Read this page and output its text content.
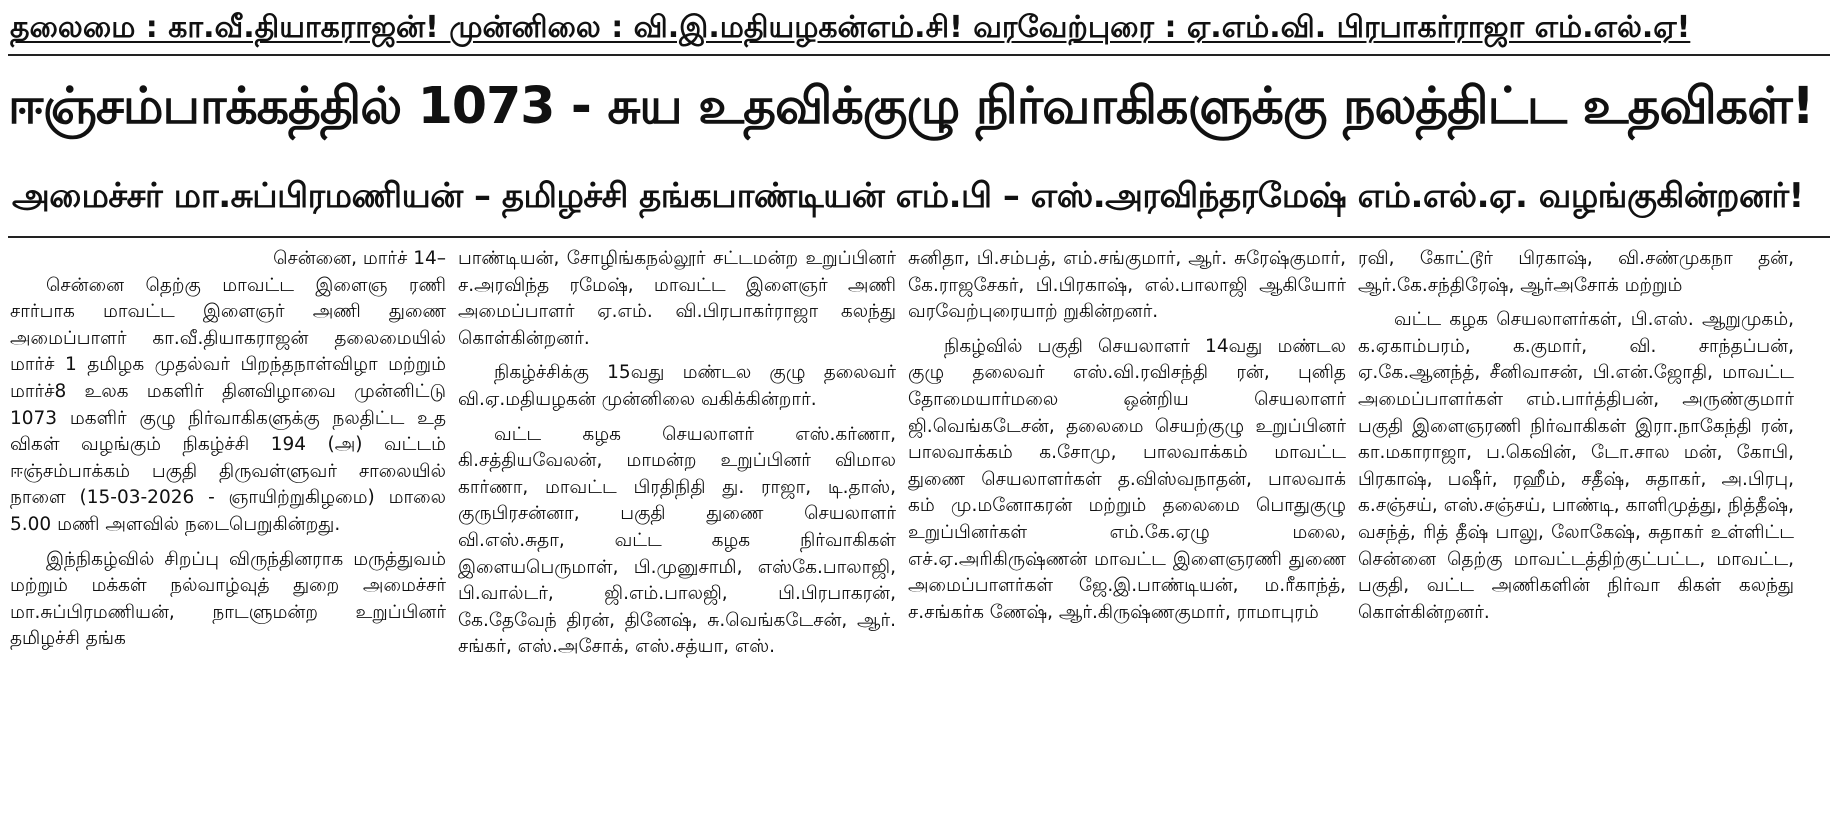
தலைமை : கா.வீ.தியாகராஜன்! முன்னிலை : வி.இ.மதியழகன்எம்.சி! வரவேற்புரை : ஏ.எம்.வி. பிரபாகர்ராஜா எம்.எல்.ஏ!
ஈஞ்சம்பாக்கத்தில் 1073 - சுய உதவிக்குழு நிர்வாகிகளுக்கு நலத்திட்ட உதவிகள்!
அமைச்சர் மா.சுப்பிரமணியன் – தமிழச்சி தங்கபாண்டியன் எம்.பி – எஸ்.அரவிந்தரமேஷ் எம்.எல்.ஏ. வழங்குகின்றனர்!

சென்னை, மார்ச் 14–

சென்னை தெற்கு மாவட்ட இளைஞ ரணி சார்பாக மாவட்ட இளைஞர் அணி துணை அமைப்பாளர் கா.வீ.தியாகராஜன் தலைமையில் மார்ச் 1 தமிழக முதல்வர் பிறந்தநாள்விழா மற்றும் மார்ச்8 உலக மகளிர் தினவிழாவை முன்னிட்டு 1073 மகளிர் குழு நிர்வாகிகளுக்கு நலதிட்ட உத விகள் வழங்கும் நிகழ்ச்சி 194 (அ) வட்டம் ஈஞ்சம்பாக்கம் பகுதி திருவள்ளுவர் சாலையில் நாளை (15-03-2026 - ஞாயிற்றுகிழமை) மாலை 5.00 மணி அளவில் நடைபெறுகின்றது.

இந்நிகழ்வில் சிறப்பு விருந்தினராக மருத்துவம் மற்றும் மக்கள் நல்வாழ்வுத் துறை அமைச்சர் மா.சுப்பிரமணியன், நாடளுமன்ற உறுப்பினர் தமிழச்சி தங்க

பாண்டியன், சோழிங்கநல்லூர் சட்டமன்ற உறுப்பினர் ச.அரவிந்த ரமேஷ், மாவட்ட இளைஞர் அணி அமைப்பாளர் ஏ.எம். வி.பிரபாகர்ராஜா கலந்து கொள்கின்றனர்.

நிகழ்ச்சிக்கு 15வது மண்டல குழு தலைவர் வி.ஏ.மதியழகன் முன்னிலை வகிக்கின்றார்.

வட்ட கழக செயலாளர் எஸ்.கர்ணா, கி.சத்தியவேலன், மாமன்ற உறுப்பினர் விமால கார்ணா, மாவட்ட பிரதிநிதி து. ராஜா, டி.தாஸ், குருபிரசன்னா, பகுதி துணை செயலாளர் வி.எஸ்.சுதா, வட்ட கழக நிர்வாகிகள் இளையபெருமாள், பி.முனுசாமி, எஸ்கே.பாலாஜி, பி.வால்டர், ஜி.எம்.பாலஜி, பி.பிரபாகரன், கே.தேவேந் திரன், தினேஷ், சு.வெங்கடேசன், ஆர். சங்கர், எஸ்.அசோக், எஸ்.சத்யா, எஸ்.

சுனிதா, பி.சம்பத், எம்.சங்குமார், ஆர். சுரேஷ்குமார், கே.ராஜசேகர், பி.பிரகாஷ், எல்.பாலாஜி ஆகியோர் வரவேற்புரையாற் றுகின்றனர்.

நிகழ்வில் பகுதி செயலாளர் 14வது மண்டல குழு தலைவர் எஸ்.வி.ரவிசந்தி ரன், புனித தோமையார்மலை ஒன்றிய செயலாளர் ஜி.வெங்கடேசன், தலைமை செயற்குழு உறுப்பினர் பாலவாக்கம் க.சோமு, பாலவாக்கம் மாவட்ட துணை செயலாளர்கள் த.விஸ்வநாதன், பாலவாக் கம் மு.மனோகரன் மற்றும் தலைமை பொதுகுழு உறுப்பினர்கள் எம்.கே.ஏழு மலை, எச்.ஏ.அரிகிருஷ்ணன் மாவட்ட இளைஞரணி துணை அமைப்பாளர்கள் ஜே.இ.பாண்டியன், ம.ரீகாந்த், ச.சங்கர்க ணேஷ், ஆர்.கிருஷ்ணகுமார், ராமாபுரம்

ரவி, கோட்டூர் பிரகாஷ், வி.சண்முகநா தன், ஆர்.கே.சந்திரேஷ், ஆர்அசோக் மற்றும்

வட்ட கழக செயலாளர்கள், பி.எஸ். ஆறுமுகம், க.ஏகாம்பரம், க.குமார், வி. சாந்தப்பன், ஏ.கே.ஆனந்த், சீனிவாசன், பி.என்.ஜோதி, மாவட்ட அமைப்பாளர்கள் எம்.பார்த்திபன், அருண்குமார் பகுதி இளைஞரணி நிர்வாகிகள் இரா.நாகேந்தி ரன், கா.மகாராஜா, ப.கெவின், டோ.சால மன், கோபி, பிரகாஷ், பஷீர், ரஹீம், சதீஷ், சுதாகர், அ.பிரபு, க.சஞ்சய், எஸ்.சஞ்சய், பாண்டி, காளிமுத்து, நித்தீஷ், வசந்த், ரித் தீஷ் பாலு, லோகேஷ், சுதாகர் உள்ளிட்ட சென்னை தெற்கு மாவட்டத்திற்குட்பட்ட, மாவட்ட, பகுதி, வட்ட அணிகளின் நிர்வா கிகள் கலந்து கொள்கின்றனர்.
